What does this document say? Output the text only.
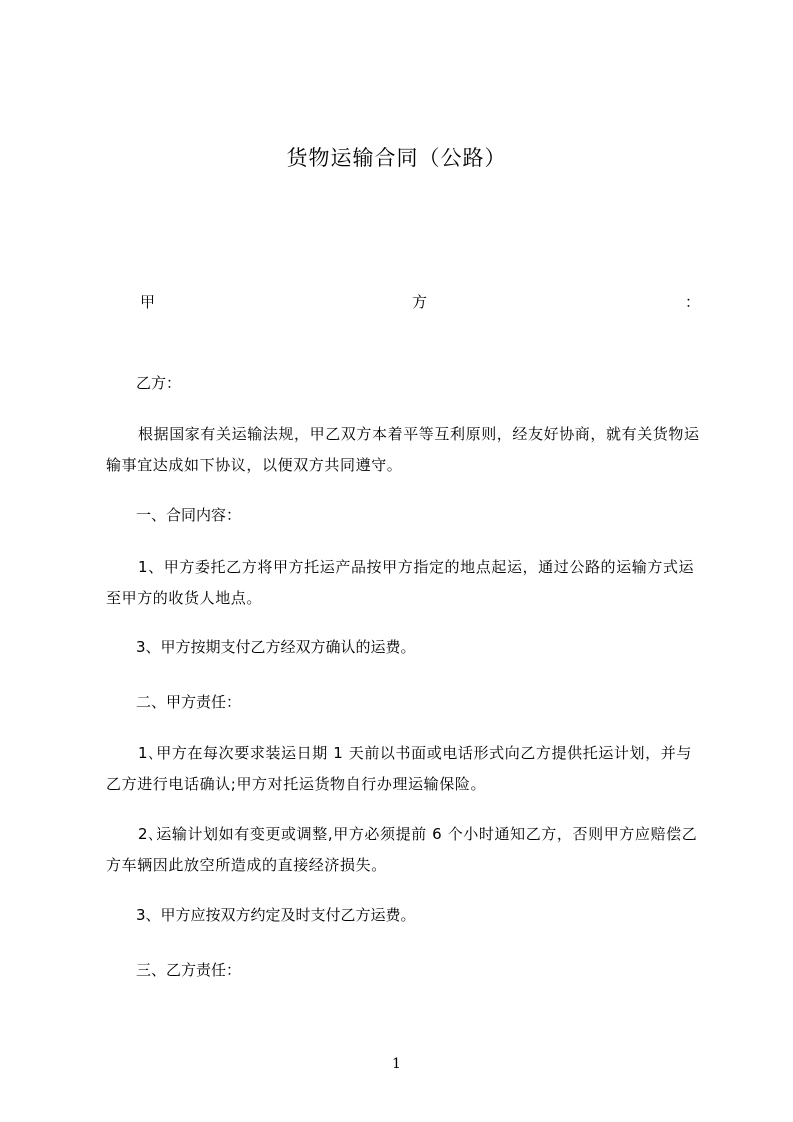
货物运输合同（公路）
甲	方	：
乙方：
根据国家有关运输法规，甲乙双方本着平等互利原则，经友好协商，就有关货物运输事宜达成如下协议，以便双方共同遵守。
一、合同内容：
1、甲方委托乙方将甲方托运产品按甲方指定的地点起运，通过公路的运输方式运至甲方的收货人地点。
3、甲方按期支付乙方经双方确认的运费。
二、甲方责任：
1､甲方在每次要求装运日期 1 天前以书面或电话形式向乙方提供托运计划，并与乙方进行电话确认;甲方对托运货物自行办理运输保险。
2､运输计划如有变更或调整,甲方必须提前 6 个小时通知乙方，否则甲方应赔偿乙方车辆因此放空所造成的直接经济损失。
3、甲方应按双方约定及时支付乙方运费。
三、乙方责任：
1
